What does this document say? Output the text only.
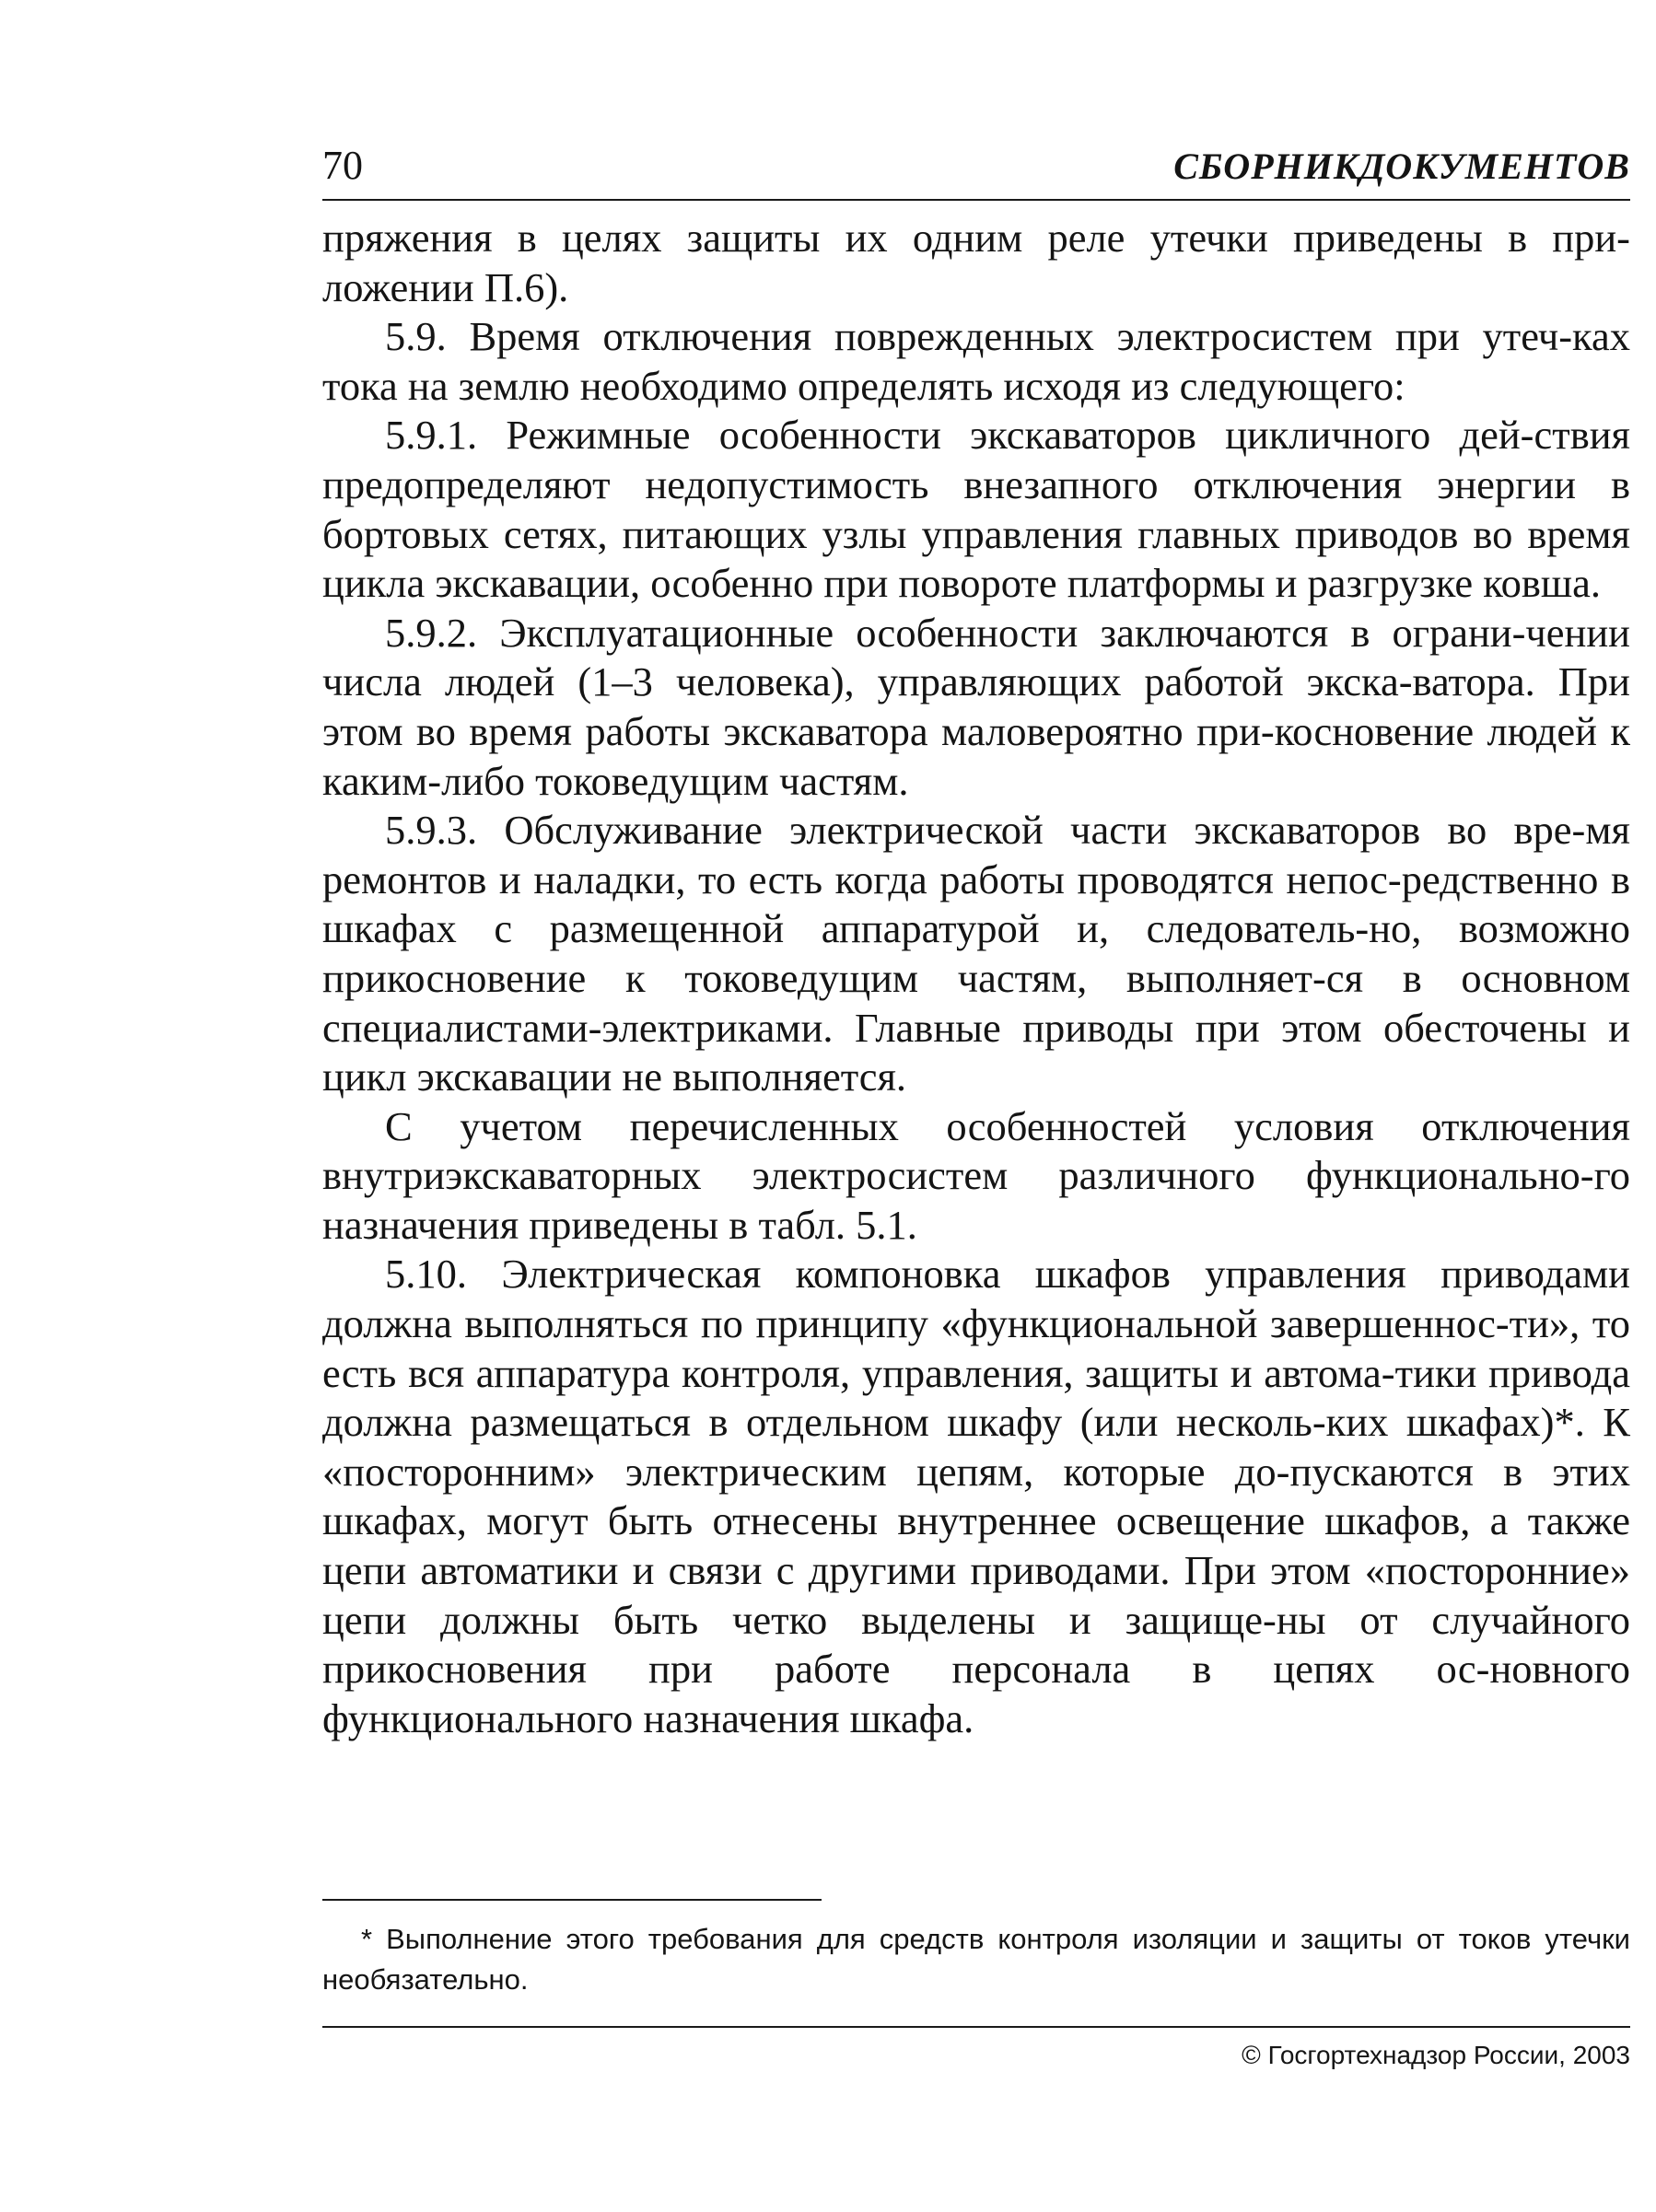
70	СБОРНИКДОКУМЕНТОВ

пряжения в целях защиты их одним реле утечки приведены в при-ложении П.6).

5.9. Время отключения поврежденных электросистем при утеч-ках тока на землю необходимо определять исходя из следующего:

5.9.1. Режимные особенности экскаваторов цикличного дей-ствия предопределяют недопустимость внезапного отключения энергии в бортовых сетях, питающих узлы управления главных приводов во время цикла экскавации, особенно при повороте платформы и разгрузке ковша.

5.9.2. Эксплуатационные особенности заключаются в ограни-чении числа людей (1–3 человека), управляющих работой экска-ватора. При этом во время работы экскаватора маловероятно при-косновение людей к каким-либо токоведущим частям.

5.9.3. Обслуживание электрической части экскаваторов во вре-мя ремонтов и наладки, то есть когда работы проводятся непос-редственно в шкафах с размещенной аппаратурой и, следователь-но, возможно прикосновение к токоведущим частям, выполняет-ся в основном специалистами-электриками. Главные приводы при этом обесточены и цикл экскавации не выполняется.

С учетом перечисленных особенностей условия отключения внутриэкскаваторных электросистем различного функционально-го назначения приведены в табл. 5.1.

5.10. Электрическая компоновка шкафов управления приводами должна выполняться по принципу «функциональной завершеннос-ти», то есть вся аппаратура контроля, управления, защиты и автома-тики привода должна размещаться в отдельном шкафу (или несколь-ких шкафах)*. К «посторонним» электрическим цепям, которые до-пускаются в этих шкафах, могут быть отнесены внутреннее освещение шкафов, а также цепи автоматики и связи с другими приводами. При этом «посторонние» цепи должны быть четко выделены и защище-ны от случайного прикосновения при работе персонала в цепях ос-новного функционального назначения шкафа.

* Выполнение этого требования для средств контроля изоляции и защиты от токов утечки необязательно.

© Госгортехнадзор России, 2003
